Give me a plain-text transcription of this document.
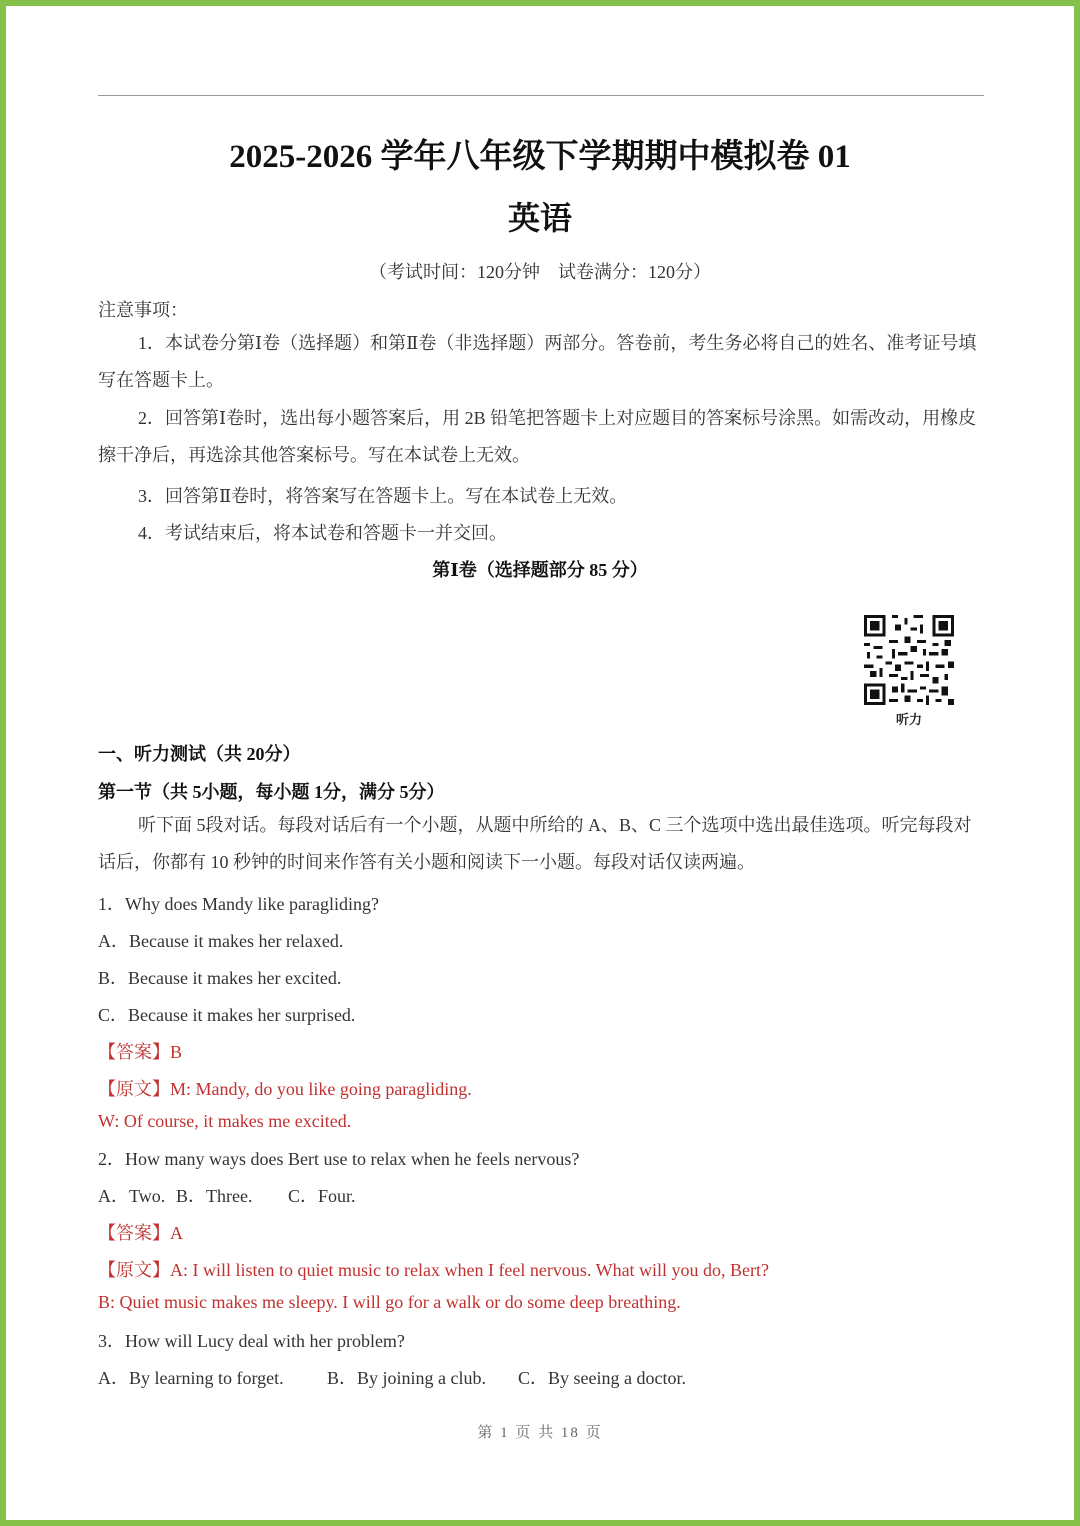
2025-2026 学年八年级下学期期中模拟卷 01
英语
（考试时间：120分钟　试卷满分：120分）
注意事项：
1．本试卷分第Ⅰ卷（选择题）和第Ⅱ卷（非选择题）两部分。答卷前，考生务必将自己的姓名、准考证号填写在答题卡上。
2．回答第Ⅰ卷时，选出每小题答案后，用 2B 铅笔把答题卡上对应题目的答案标号涂黑。如需改动，用橡皮擦干净后，再选涂其他答案标号。写在本试卷上无效。
3．回答第Ⅱ卷时，将答案写在答题卡上。写在本试卷上无效。
4．考试结束后，将本试卷和答题卡一并交回。
第Ⅰ卷（选择题部分 85 分）
听力
一、听力测试（共 20分）
第一节（共 5小题，每小题 1分，满分 5分）
听下面 5段对话。每段对话后有一个小题，从题中所给的 A、B、C 三个选项中选出最佳选项。听完每段对话后，你都有 10 秒钟的时间来作答有关小题和阅读下一小题。每段对话仅读两遍。
1．Why does Mandy like paragliding?
A．Because it makes her relaxed.
B．Because it makes her excited.
C．Because it makes her surprised.
【答案】B
【原文】M: Mandy, do you like going paragliding.
W: Of course, it makes me excited.
2．How many ways does Bert use to relax when he feels nervous?
A．Two. B．Three. C．Four.
【答案】A
【原文】A: I will listen to quiet music to relax when I feel nervous. What will you do, Bert?
B: Quiet music makes me sleepy. I will go for a walk or do some deep breathing.
3．How will Lucy deal with her problem?
A．By learning to forget. B．By joining a club. C．By seeing a doctor.
第 1 页 共 18 页
